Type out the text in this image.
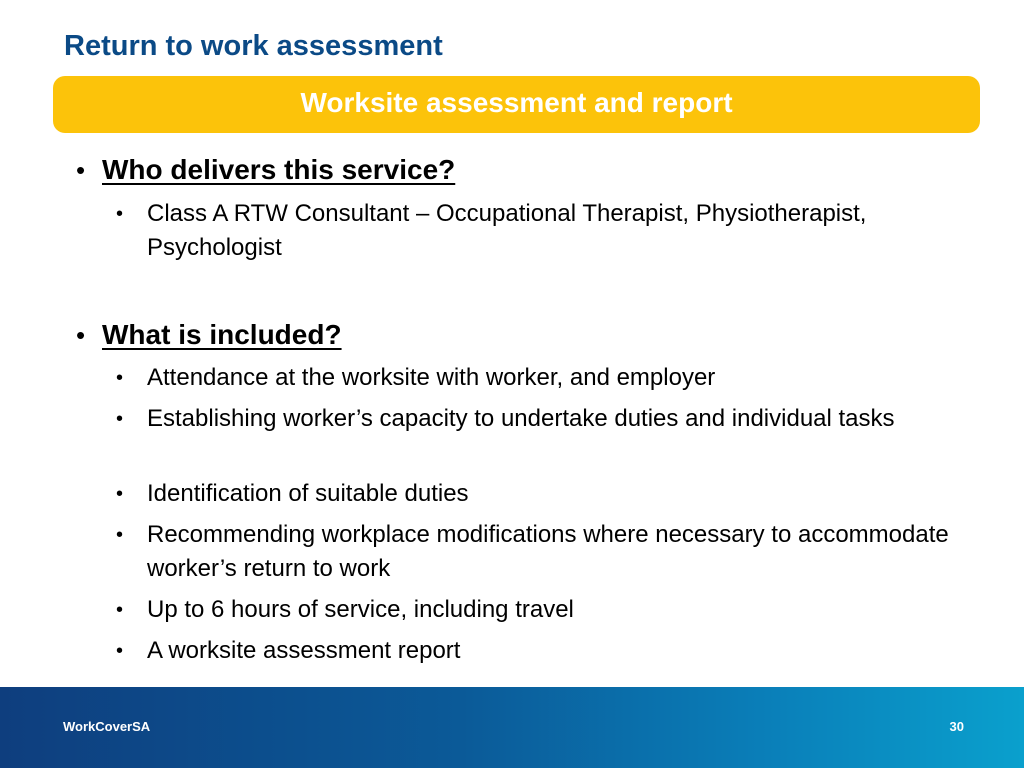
Return to work assessment
Worksite assessment and report
• Who delivers this service?
• Class A RTW Consultant – Occupational Therapist, Physiotherapist, Psychologist
• What is included?
• Attendance at the worksite with worker, and employer
• Establishing worker’s capacity to undertake duties and individual tasks
• Identification of suitable duties
• Recommending workplace modifications where necessary to accommodate worker’s return to work
• Up to 6 hours of service, including travel
• A worksite assessment report
WorkCoverSA	30
